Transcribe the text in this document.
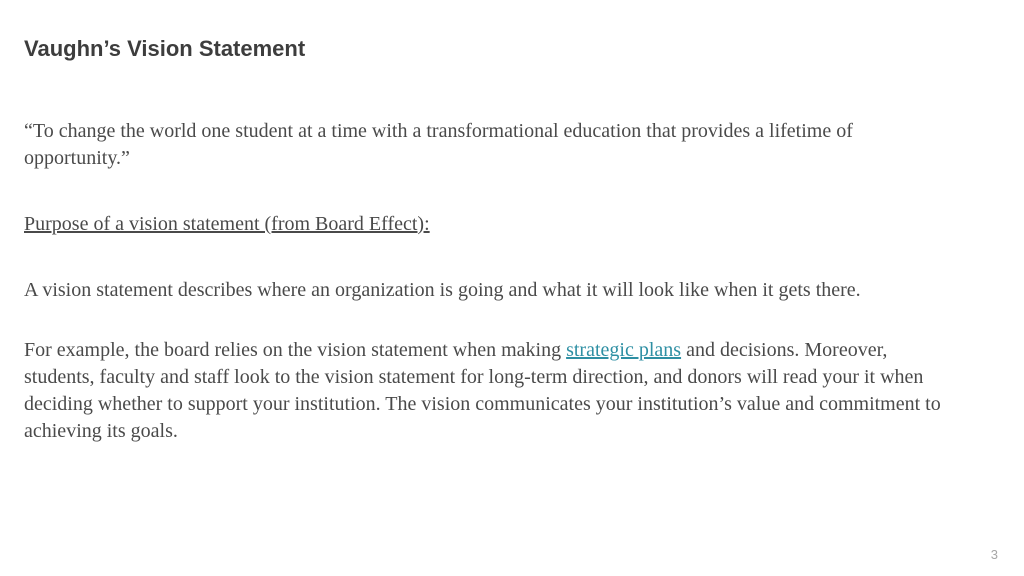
Vaughn’s Vision Statement

“To change the world one student at a time with a transformational education that provides a lifetime of opportunity.”

Purpose of a vision statement (from Board Effect):

A vision statement describes where an organization is going and what it will look like when it gets there.

For example, the board relies on the vision statement when making strategic plans and decisions. Moreover, students, faculty and staff look to the vision statement for long-term direction, and donors will read your it when deciding whether to support your institution. The vision communicates your institution’s value and commitment to achieving its goals.

3
